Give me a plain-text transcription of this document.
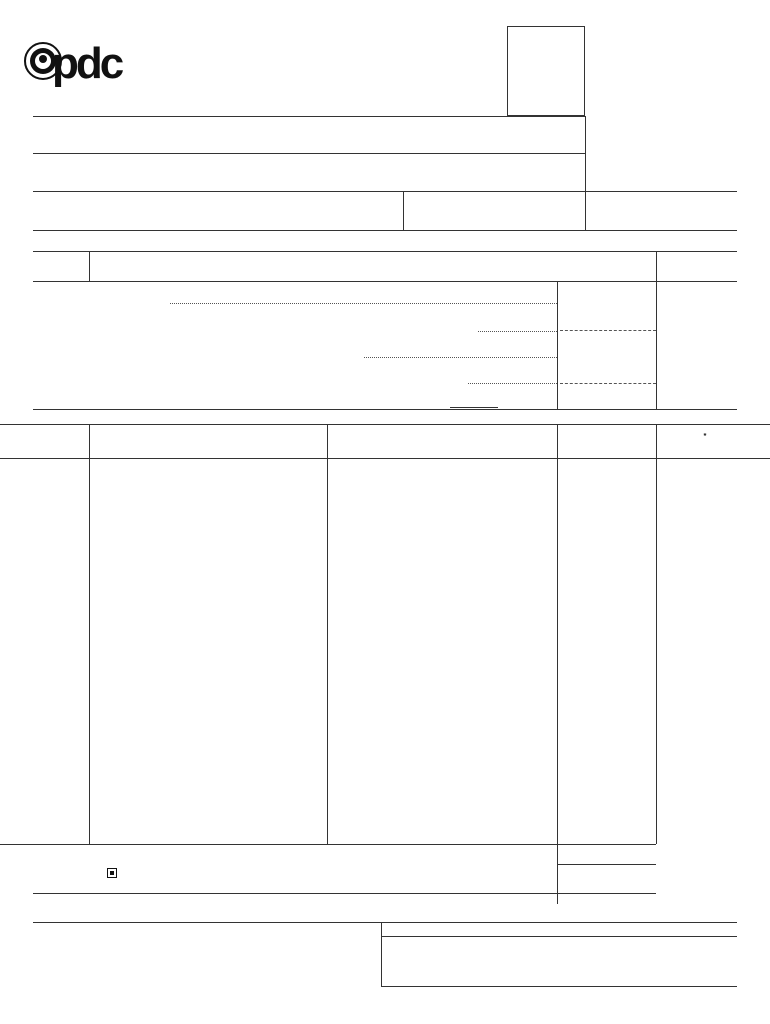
pdc
*
